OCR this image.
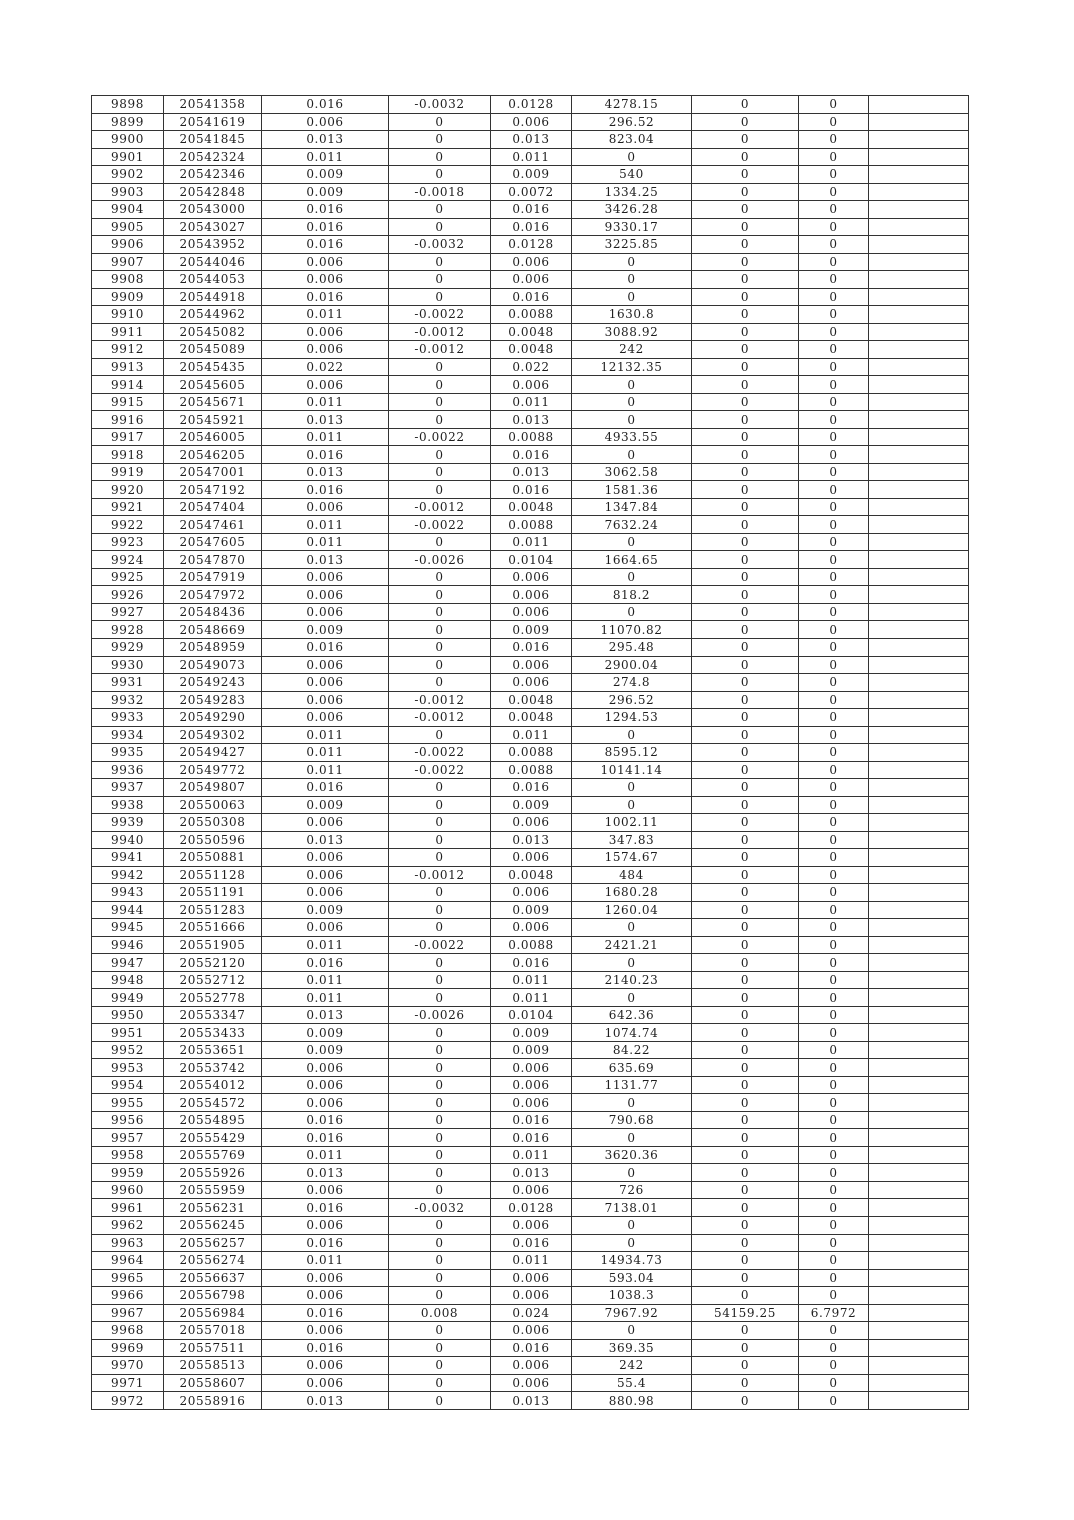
9898	20541358	0.016	-0.0032	0.0128	4278.15	0	0	
9899	20541619	0.006	0	0.006	296.52	0	0	
9900	20541845	0.013	0	0.013	823.04	0	0	
9901	20542324	0.011	0	0.011	0	0	0	
9902	20542346	0.009	0	0.009	540	0	0	
9903	20542848	0.009	-0.0018	0.0072	1334.25	0	0	
9904	20543000	0.016	0	0.016	3426.28	0	0	
9905	20543027	0.016	0	0.016	9330.17	0	0	
9906	20543952	0.016	-0.0032	0.0128	3225.85	0	0	
9907	20544046	0.006	0	0.006	0	0	0	
9908	20544053	0.006	0	0.006	0	0	0	
9909	20544918	0.016	0	0.016	0	0	0	
9910	20544962	0.011	-0.0022	0.0088	1630.8	0	0	
9911	20545082	0.006	-0.0012	0.0048	3088.92	0	0	
9912	20545089	0.006	-0.0012	0.0048	242	0	0	
9913	20545435	0.022	0	0.022	12132.35	0	0	
9914	20545605	0.006	0	0.006	0	0	0	
9915	20545671	0.011	0	0.011	0	0	0	
9916	20545921	0.013	0	0.013	0	0	0	
9917	20546005	0.011	-0.0022	0.0088	4933.55	0	0	
9918	20546205	0.016	0	0.016	0	0	0	
9919	20547001	0.013	0	0.013	3062.58	0	0	
9920	20547192	0.016	0	0.016	1581.36	0	0	
9921	20547404	0.006	-0.0012	0.0048	1347.84	0	0	
9922	20547461	0.011	-0.0022	0.0088	7632.24	0	0	
9923	20547605	0.011	0	0.011	0	0	0	
9924	20547870	0.013	-0.0026	0.0104	1664.65	0	0	
9925	20547919	0.006	0	0.006	0	0	0	
9926	20547972	0.006	0	0.006	818.2	0	0	
9927	20548436	0.006	0	0.006	0	0	0	
9928	20548669	0.009	0	0.009	11070.82	0	0	
9929	20548959	0.016	0	0.016	295.48	0	0	
9930	20549073	0.006	0	0.006	2900.04	0	0	
9931	20549243	0.006	0	0.006	274.8	0	0	
9932	20549283	0.006	-0.0012	0.0048	296.52	0	0	
9933	20549290	0.006	-0.0012	0.0048	1294.53	0	0	
9934	20549302	0.011	0	0.011	0	0	0	
9935	20549427	0.011	-0.0022	0.0088	8595.12	0	0	
9936	20549772	0.011	-0.0022	0.0088	10141.14	0	0	
9937	20549807	0.016	0	0.016	0	0	0	
9938	20550063	0.009	0	0.009	0	0	0	
9939	20550308	0.006	0	0.006	1002.11	0	0	
9940	20550596	0.013	0	0.013	347.83	0	0	
9941	20550881	0.006	0	0.006	1574.67	0	0	
9942	20551128	0.006	-0.0012	0.0048	484	0	0	
9943	20551191	0.006	0	0.006	1680.28	0	0	
9944	20551283	0.009	0	0.009	1260.04	0	0	
9945	20551666	0.006	0	0.006	0	0	0	
9946	20551905	0.011	-0.0022	0.0088	2421.21	0	0	
9947	20552120	0.016	0	0.016	0	0	0	
9948	20552712	0.011	0	0.011	2140.23	0	0	
9949	20552778	0.011	0	0.011	0	0	0	
9950	20553347	0.013	-0.0026	0.0104	642.36	0	0	
9951	20553433	0.009	0	0.009	1074.74	0	0	
9952	20553651	0.009	0	0.009	84.22	0	0	
9953	20553742	0.006	0	0.006	635.69	0	0	
9954	20554012	0.006	0	0.006	1131.77	0	0	
9955	20554572	0.006	0	0.006	0	0	0	
9956	20554895	0.016	0	0.016	790.68	0	0	
9957	20555429	0.016	0	0.016	0	0	0	
9958	20555769	0.011	0	0.011	3620.36	0	0	
9959	20555926	0.013	0	0.013	0	0	0	
9960	20555959	0.006	0	0.006	726	0	0	
9961	20556231	0.016	-0.0032	0.0128	7138.01	0	0	
9962	20556245	0.006	0	0.006	0	0	0	
9963	20556257	0.016	0	0.016	0	0	0	
9964	20556274	0.011	0	0.011	14934.73	0	0	
9965	20556637	0.006	0	0.006	593.04	0	0	
9966	20556798	0.006	0	0.006	1038.3	0	0	
9967	20556984	0.016	0.008	0.024	7967.92	54159.25	6.7972	
9968	20557018	0.006	0	0.006	0	0	0	
9969	20557511	0.016	0	0.016	369.35	0	0	
9970	20558513	0.006	0	0.006	242	0	0	
9971	20558607	0.006	0	0.006	55.4	0	0	
9972	20558916	0.013	0	0.013	880.98	0	0	
